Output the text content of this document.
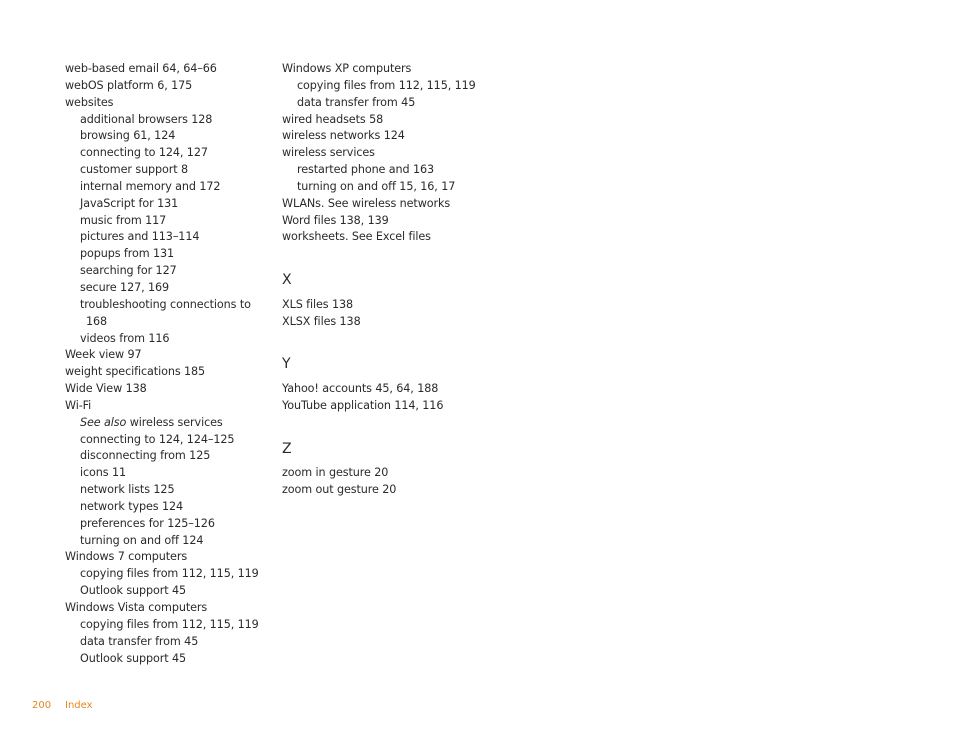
web-based email 64, 64–66
webOS platform 6, 175
websites
additional browsers 128
browsing 61, 124
connecting to 124, 127
customer support 8
internal memory and 172
JavaScript for 131
music from 117
pictures and 113–114
popups from 131
searching for 127
secure 127, 169
troubleshooting connections to
168
videos from 116
Week view 97
weight specifications 185
Wide View 138
Wi-Fi
See also wireless services
connecting to 124, 124–125
disconnecting from 125
icons 11
network lists 125
network types 124
preferences for 125–126
turning on and off 124
Windows 7 computers
copying files from 112, 115, 119
Outlook support 45
Windows Vista computers
copying files from 112, 115, 119
data transfer from 45
Outlook support 45
Windows XP computers
copying files from 112, 115, 119
data transfer from 45
wired headsets 58
wireless networks 124
wireless services
restarted phone and 163
turning on and off 15, 16, 17
WLANs. See wireless networks
Word files 138, 139
worksheets. See Excel files
X
XLS files 138
XLSX files 138
Y
Yahoo! accounts 45, 64, 188
YouTube application 114, 116
Z
zoom in gesture 20
zoom out gesture 20
200 Index
